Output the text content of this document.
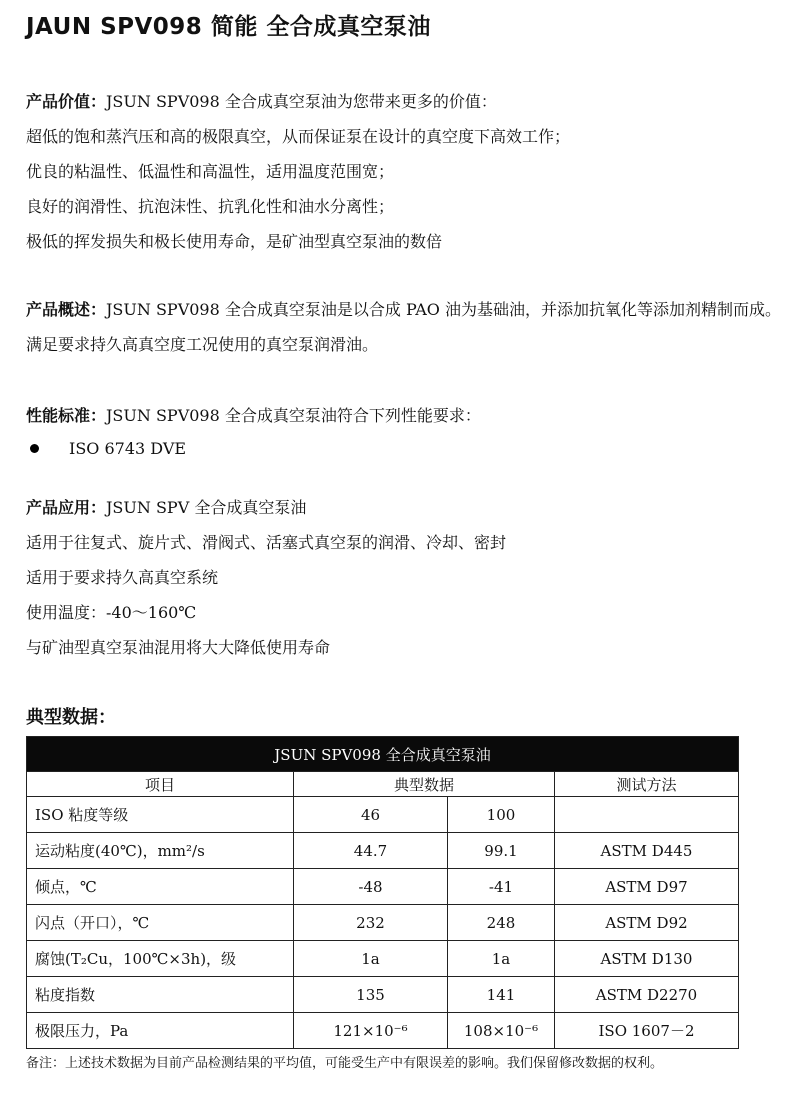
JAUN SPV098 简能 全合成真空泵油
产品价值：JSUN SPV098 全合成真空泵油为您带来更多的价值：
超低的饱和蒸汽压和高的极限真空，从而保证泵在设计的真空度下高效工作；
优良的粘温性、低温性和高温性，适用温度范围宽；
良好的润滑性、抗泡沫性、抗乳化性和油水分离性；
极低的挥发损失和极长使用寿命，是矿油型真空泵油的数倍
产品概述：JSUN SPV098 全合成真空泵油是以合成 PAO 油为基础油，并添加抗氧化等添加剂精制而成。满足要求持久高真空度工况使用的真空泵润滑油。
性能标准：JSUN SPV098 全合成真空泵油符合下列性能要求：
ISO 6743 DVE
产品应用：JSUN SPV 全合成真空泵油
适用于往复式、旋片式、滑阀式、活塞式真空泵的润滑、冷却、密封
适用于要求持久高真空系统
使用温度：-40～160℃
与矿油型真空泵油混用将大大降低使用寿命
典型数据：
JSUN SPV098 全合成真空泵油			
项目	典型数据		测试方法
ISO 粘度等级	46	100	
运动粘度(40℃)，mm²/s	44.7	99.1	ASTM D445
倾点，℃	-48	-41	ASTM D97
闪点（开口），℃	232	248	ASTM D92
腐蚀(T₂Cu，100℃×3h)，级	1a	1a	ASTM D130
粘度指数	135	141	ASTM D2270
极限压力，Pa	121×10⁻⁶	108×10⁻⁶	ISO 1607－2
备注：上述技术数据为目前产品检测结果的平均值，可能受生产中有限误差的影响。我们保留修改数据的权利。
